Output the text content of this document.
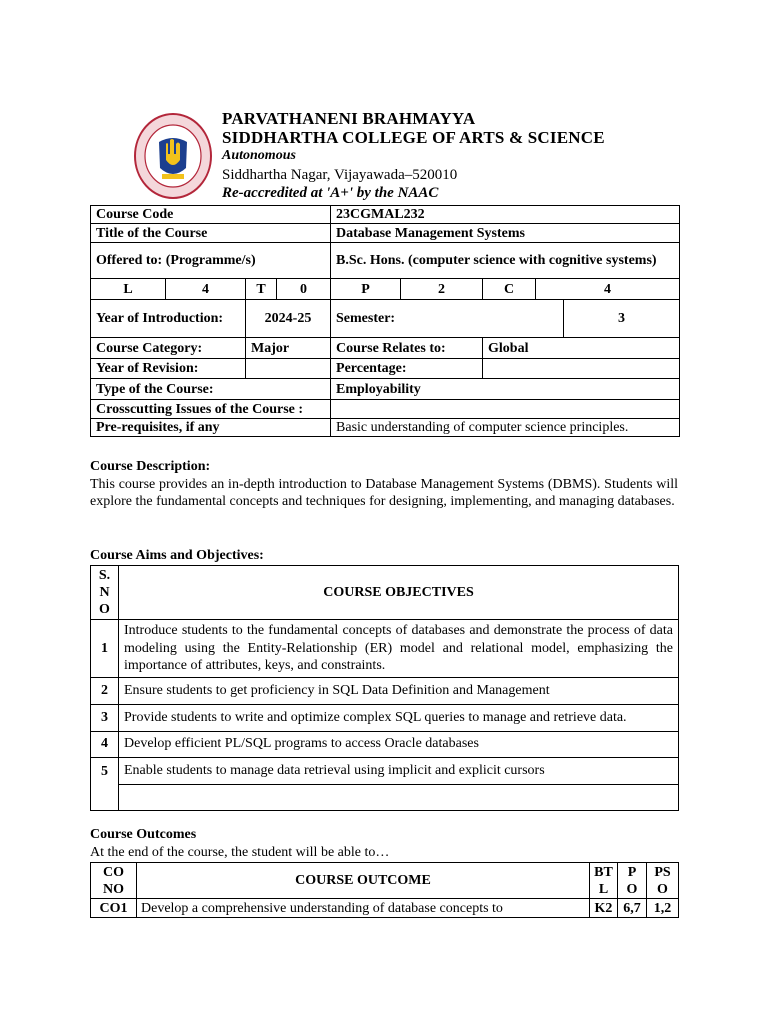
PARVATHANENI BRAHMAYYA
SIDDHARTHA COLLEGE OF ARTS & SCIENCE
Autonomous
Siddhartha Nagar, Vijayawada–520010
Re-accredited at 'A+' by the NAAC
Course Code				23CGMAL232				
Title of the Course				Database Management Systems				
Offered to: (Programme/s)				B.Sc. Hons. (computer science with cognitive systems)				
L	4	T	0	P	2	C	4	
Year of Introduction:		2024-25		Semester:				3
Course Category:		Major		Course Relates to:		Global		
Year of Revision:				Percentage:				
Type of the Course:				Employability				
Crosscutting Issues of the Course :								
Pre-requisites, if any				Basic understanding of computer science principles.				
Course Description:
This course provides an in-depth introduction to Database Management Systems (DBMS). Students will explore the fundamental concepts and techniques for designing, implementing, and managing databases.
Course Aims and Objectives:
S. N O	COURSE OBJECTIVES
1	Introduce students to the fundamental concepts of databases and demonstrate the process of data modeling using the Entity-Relationship (ER) model and relational model, emphasizing the importance of attributes, keys, and constraints.
2	Ensure students to get proficiency in SQL Data Definition and Management
3	Provide students to write and optimize complex SQL queries to manage and retrieve data.
4	Develop efficient PL/SQL programs to access Oracle databases
5	Enable students to manage data retrieval using implicit and explicit cursors

Course Outcomes
At the end of the course, the student will be able to…
CO NO	COURSE OUTCOME	BT L	P O	PS O
CO1	Develop a comprehensive understanding of database concepts to	K2	6,7	1,2
